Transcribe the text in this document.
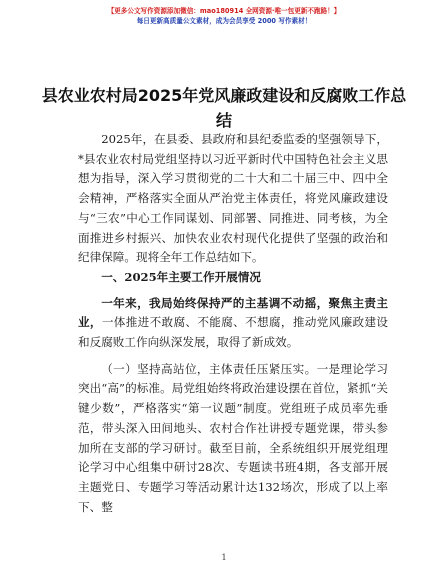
【更多公文写作资源添加微信：mao180914 全网资源·唯一包更新不跑路！】
每日更新高质量公文素材，成为会员享受 2000 写作素材！
县农业农村局2025年党风廉政建设和反腐败工作总结

2025年，在县委、县政府和县纪委监委的坚强领导下，*县农业农村局党组坚持以习近平新时代中国特色社会主义思想为指导，深入学习贯彻党的二十大和二十届三中、四中全会精神，严格落实全面从严治党主体责任，将党风廉政建设与“三农”中心工作同谋划、同部署、同推进、同考核，为全面推进乡村振兴、加快农业农村现代化提供了坚强的政治和纪律保障。现将全年工作总结如下。

一、2025年主要工作开展情况

一年来，我局始终保持严的主基调不动摇，聚焦主责主业，一体推进不敢腐、不能腐、不想腐，推动党风廉政建设和反腐败工作向纵深发展，取得了新成效。

（一）坚持高站位，主体责任压紧压实。一是理论学习突出“高”的标准。局党组始终将政治建设摆在首位，紧抓“关键少数”，严格落实“第一议题”制度。党组班子成员率先垂范，带头深入田间地头、农村合作社讲授专题党课，带头参加所在支部的学习研讨。截至目前，全系统组织开展党组理论学习中心组集中研讨28次、专题读书班4期，各支部开展主题党日、专题学习等活动累计达132场次，形成了以上率下、整

1
